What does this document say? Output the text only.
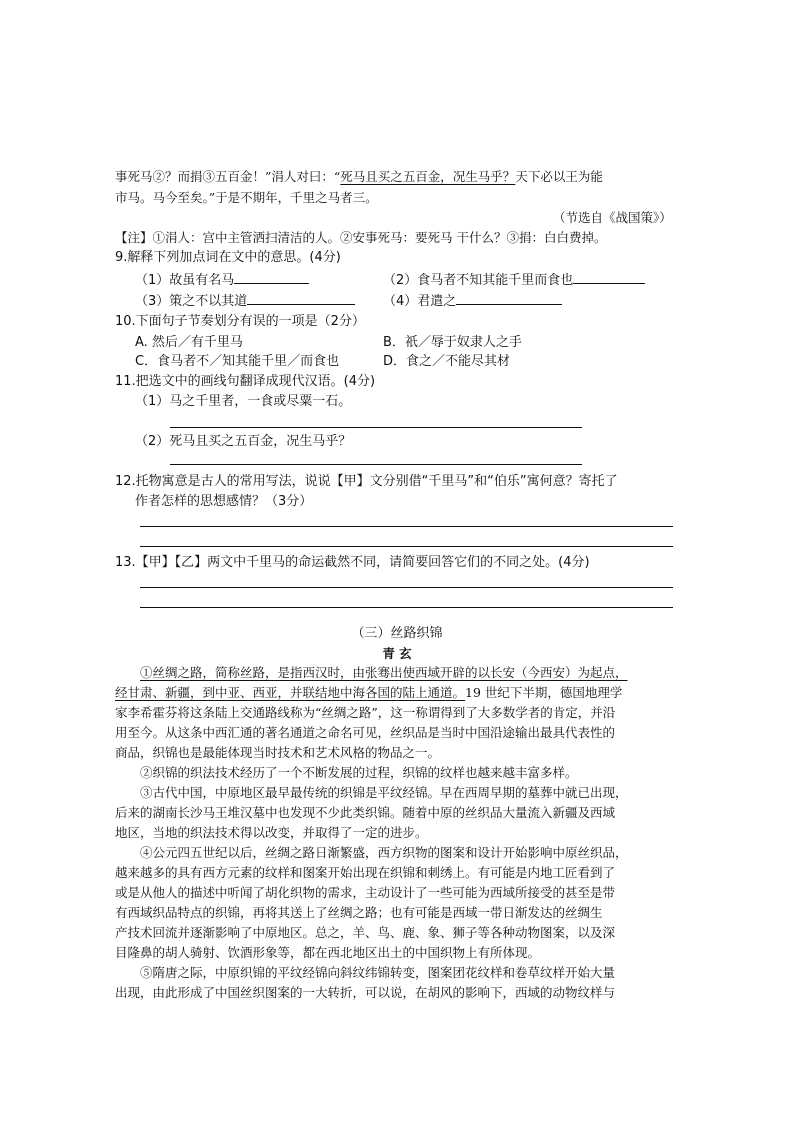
事死马②？而捐③五百金！”涓人对曰：“死马且买之五百金，况生马乎？天下必以王为能
市马。马今至矣。”于是不期年，千里之马者三。
（节选自《战国策》）
【注】①涓人：宫中主管洒扫清洁的人。②安事死马：要死马 干什么？③捐：白白费掉。
9.解释下列加点词在文中的意思。(4分)
（1）故虽有名马	（2）食马者不知其能千里而食也
（3）策之不以其道	（4）君遣之
10.下面句子节奏划分有误的一项是（2分）
A. 然后／有千里马	B．祇／辱于奴隶人之手
C．食马者不／知其能千里／而食也	D．食之／不能尽其材
11.把选文中的画线句翻译成现代汉语。(4分)
（1）马之千里者，一食或尽粟一石。
（2）死马且买之五百金，况生马乎？
12.托物寓意是古人的常用写法，说说【甲】文分别借“千里马”和“伯乐”寓何意？寄托了
作者怎样的思想感情？（3分）
13.【甲】【乙】两文中千里马的命运截然不同，请简要回答它们的不同之处。(4分)
（三）丝路织锦
青 玄
①丝绸之路，简称丝路，是指西汉时，由张骞出使西域开辟的以长安（今西安）为起点，
经甘肃、新疆，到中亚、西亚，并联结地中海各国的陆上通道。19 世纪下半期，德国地理学
家李希霍芬将这条陆上交通路线称为“丝绸之路”，这一称谓得到了大多数学者的肯定，并沿
用至今。从这条中西汇通的著名通道之命名可见，丝织品是当时中国沿途输出最具代表性的
商品，织锦也是最能体现当时技术和艺术风格的物品之一。
②织锦的织法技术经历了一个不断发展的过程，织锦的纹样也越来越丰富多样。
③古代中国，中原地区最早最传统的织锦是平纹经锦。早在西周早期的墓葬中就已出现，
后来的湖南长沙马王堆汉墓中也发现不少此类织锦。随着中原的丝织品大量流入新疆及西域
地区，当地的织法技术得以改变，并取得了一定的进步。
④公元四五世纪以后，丝绸之路日渐繁盛，西方织物的图案和设计开始影响中原丝织品，
越来越多的具有西方元素的纹样和图案开始出现在织锦和刺绣上。有可能是内地工匠看到了
或是从他人的描述中听闻了胡化织物的需求，主动设计了一些可能为西域所接受的甚至是带
有西域织品特点的织锦，再将其送上了丝绸之路；也有可能是西域一带日渐发达的丝绸生
产技术回流并逐渐影响了中原地区。总之，羊、鸟、鹿、象、狮子等各种动物图案，以及深
目隆鼻的胡人骑射、饮酒形象等，都在西北地区出土的中国织物上有所体现。
⑤隋唐之际，中原织锦的平纹经锦向斜纹纬锦转变，图案团花纹样和卷草纹样开始大量
出现，由此形成了中国丝织图案的一大转折，可以说，在胡风的影响下，西域的动物纹样与
